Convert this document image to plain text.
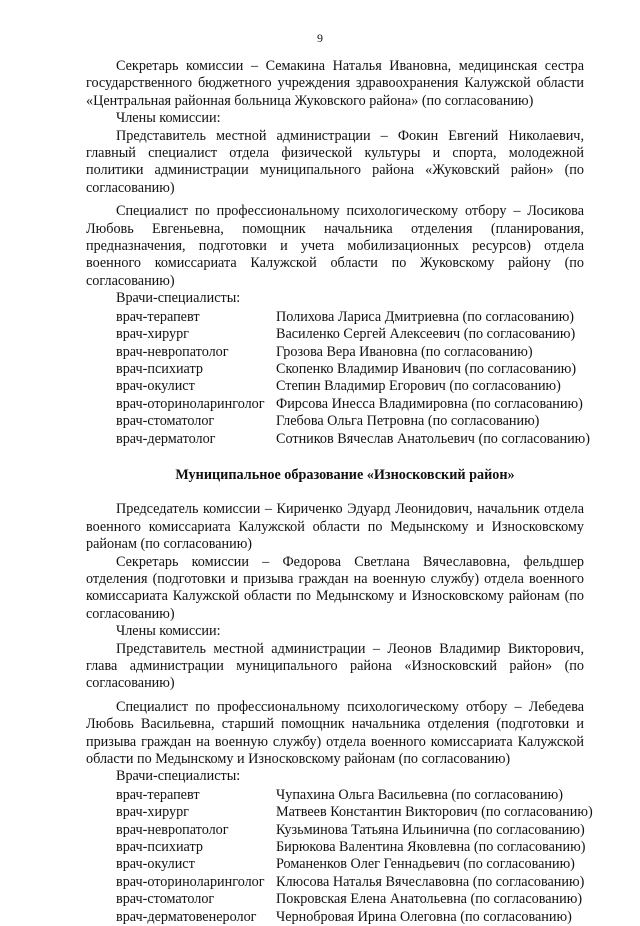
9

Секретарь комиссии – Семакина Наталья Ивановна, медицинская сестра государственного бюджетного учреждения здравоохранения Калужской области «Центральная районная больница Жуковского района» (по согласованию)

Члены комиссии:

Представитель местной администрации – Фокин Евгений Николаевич, главный специалист отдела физической культуры и спорта, молодежной политики администрации муниципального района «Жуковский район» (по согласованию)

Специалист по профессиональному психологическому отбору – Лосикова Любовь Евгеньевна, помощник начальника отделения (планирования, предназначения, подготовки и учета мобилизационных ресурсов) отдела военного комиссариата Калужской области по Жуковскому району (по согласованию)

Врачи-специалисты:

врач-терапевт	Полихова Лариса Дмитриевна (по согласованию)
врач-хирург	Василенко Сергей Алексеевич (по согласованию)
врач-невропатолог	Грозова Вера Ивановна (по согласованию)
врач-психиатр	Скопенко Владимир Иванович (по согласованию)
врач-окулист	Степин Владимир Егорович (по согласованию)
врач-оториноларинголог Фирсова Инесса Владимировна (по согласованию)
врач-стоматолог	Глебова Ольга Петровна (по согласованию)
врач-дерматолог	Сотников Вячеслав Анатольевич (по согласованию)

Муниципальное образование «Износковский район»

Председатель комиссии – Кириченко Эдуард Леонидович, начальник отдела военного комиссариата Калужской области по Медынскому и Износковскому районам (по согласованию)

Секретарь комиссии – Федорова Светлана Вячеславовна, фельдшер отделения (подготовки и призыва граждан на военную службу) отдела военного комиссариата Калужской области по Медынскому и Износковскому районам (по согласованию)

Члены комиссии:

Представитель местной администрации – Леонов Владимир Викторович, глава администрации муниципального района «Износковский район» (по согласованию)

Специалист по профессиональному психологическому отбору – Лебедева Любовь Васильевна, старший помощник начальника отделения (подготовки и призыва граждан на военную службу) отдела военного комиссариата Калужской области по Медынскому и Износковскому районам (по согласованию)

Врачи-специалисты:

врач-терапевт	Чупахина Ольга Васильевна (по согласованию)
врач-хирург	Матвеев Константин Викторович (по согласованию)
врач-невропатолог	Кузьминова Татьяна Ильинична (по согласованию)
врач-психиатр	Бирюкова Валентина Яковлевна (по согласованию)
врач-окулист	Романенков Олег Геннадьевич (по согласованию)
врач-оториноларинголог Клюсова Наталья Вячеславовна (по согласованию)
врач-стоматолог	Покровская Елена Анатольевна (по согласованию)
врач-дерматовенеролог	Чернобровая Ирина Олеговна (по согласованию)
